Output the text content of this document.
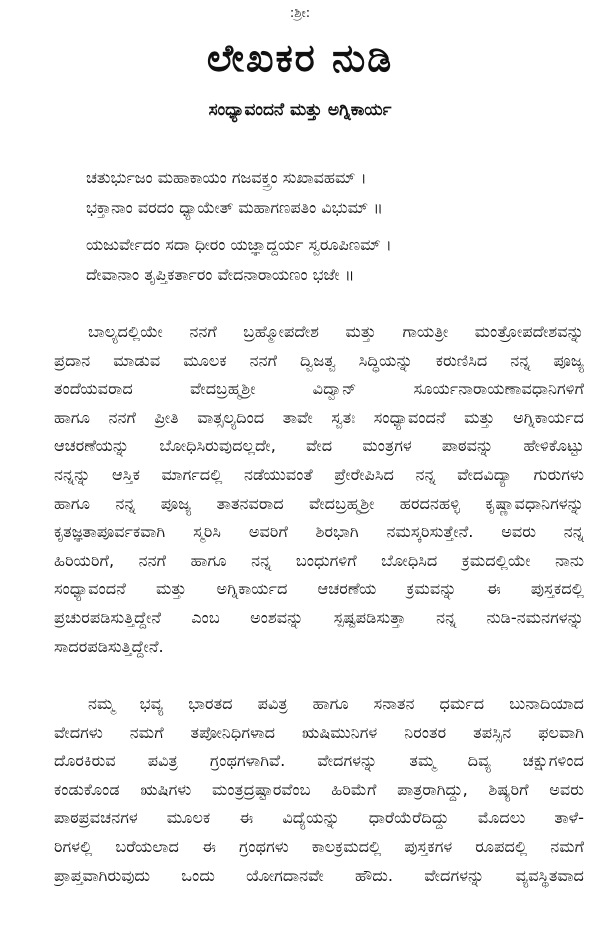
:ಶ್ರೀ:
ಲೇಖಕರ ನುಡಿ
ಸಂಧ್ಯಾವಂದನೆ ಮತ್ತು ಅಗ್ನಿಕಾರ್ಯ
ಚತುರ್ಭುಜಂ ಮಹಾಕಾಯಂ ಗಜವಕ್ತ್ರಂ ಸುಖಾವಹಮ್ ।
ಭಕ್ತಾನಾಂ ವರದಂ ಧ್ಯಾಯೇತ್ ಮಹಾಗಣಪತಿಂ ವಿಭುಮ್ ॥
ಯಜುರ್ವೇದಂ ಸದಾ ಧೀರಂ ಯಜ್ಞಾದ್ದರ್ಯ ಸ್ವರೂಪಿಣಮ್ ।
ದೇವಾನಾಂ ತೃಪ್ತಿಕರ್ತಾರಂ ವೇದನಾರಾಯಣಂ ಭಜೇ ॥
ಬಾಲ್ಯದಲ್ಲಿಯೇ ನನಗೆ ಬ್ರಹ್ಮೋಪದೇಶ ಮತ್ತು ಗಾಯತ್ರೀ ಮಂತ್ರೋಪದೇಶವನ್ನು
ಪ್ರದಾನ ಮಾಡುವ ಮೂಲಕ ನನಗೆ ದ್ವಿಜತ್ವ ಸಿದ್ಧಿಯನ್ನು ಕರುಣಿಸಿದ ನನ್ನ ಪೂಜ್ಯ
ತಂದೆಯವರಾದ ವೇದಬ್ರಹ್ಮಶ್ರೀ ವಿದ್ವಾನ್ ಸೂರ್ಯನಾರಾಯಣಾವಧಾನಿಗಳಿಗೆ
ಹಾಗೂ ನನಗೆ ಪ್ರೀತಿ ವಾತ್ಸಲ್ಯದಿಂದ ತಾವೇ ಸ್ವತಃ ಸಂಧ್ಯಾವಂದನೆ ಮತ್ತು ಅಗ್ನಿಕಾರ್ಯದ
ಆಚರಣೆಯನ್ನು ಬೋಧಿಸಿರುವುದಲ್ಲದೇ, ವೇದ ಮಂತ್ರಗಳ ಪಾಠವನ್ನು ಹೇಳಿಕೊಟ್ಟು
ನನ್ನನ್ನು ಆಸ್ತಿಕ ಮಾರ್ಗದಲ್ಲಿ ನಡೆಯುವಂತೆ ಪ್ರೇರೇಪಿಸಿದ ನನ್ನ ವೇದವಿದ್ಯಾ ಗುರುಗಳು
ಹಾಗೂ ನನ್ನ ಪೂಜ್ಯ ತಾತನವರಾದ ವೇದಬ್ರಹ್ಮಶ್ರೀ ಹರದನಹಳ್ಳಿ ಕೃಷ್ಣಾವಧಾನಿಗಳನ್ನು
ಕೃತಜ್ಞತಾಪೂರ್ವಕವಾಗಿ ಸ್ಮರಿಸಿ ಅವರಿಗೆ ಶಿರಭಾಗಿ ನಮಸ್ಕರಿಸುತ್ತೇನೆ. ಅವರು ನನ್ನ
ಹಿರಿಯರಿಗೆ, ನನಗೆ ಹಾಗೂ ನನ್ನ ಬಂಧುಗಳಿಗೆ ಬೋಧಿಸಿದ ಕ್ರಮದಲ್ಲಿಯೇ ನಾನು
ಸಂಧ್ಯಾವಂದನೆ ಮತ್ತು ಅಗ್ನಿಕಾರ್ಯದ ಆಚರಣೆಯ ಕ್ರಮವನ್ನು ಈ ಪುಸ್ತಕದಲ್ಲಿ
ಪ್ರಚುರಪಡಿಸುತ್ತಿದ್ದೇನೆ ಎಂಬ ಅಂಶವನ್ನು ಸ್ಪಷ್ಟಪಡಿಸುತ್ತಾ ನನ್ನ ನುಡಿ-ನಮನಗಳನ್ನು
ಸಾದರಪಡಿಸುತ್ತಿದ್ದೇನೆ.
ನಮ್ಮ ಭವ್ಯ ಭಾರತದ ಪವಿತ್ರ ಹಾಗೂ ಸನಾತನ ಧರ್ಮದ ಬುನಾದಿಯಾದ
ವೇದಗಳು ನಮಗೆ ತಪೋನಿಧಿಗಳಾದ ಋಷಿಮುನಿಗಳ ನಿರಂತರ ತಪಸ್ಸಿನ ಫಲವಾಗಿ
ದೊರಕಿರುವ ಪವಿತ್ರ ಗ್ರಂಥಗಳಾಗಿವೆ. ವೇದಗಳನ್ನು ತಮ್ಮ ದಿವ್ಯ ಚಕ್ಷುಗಳಿಂದ
ಕಂಡುಕೊಂಡ ಋಷಿಗಳು ಮಂತ್ರದ್ರಷ್ಟಾರವೆಂಬ ಹಿರಿಮೆಗೆ ಪಾತ್ರರಾಗಿದ್ದು, ಶಿಷ್ಯರಿಗೆ ಅವರು
ಪಾಠಪ್ರವಚನಗಳ ಮೂಲಕ ಈ ವಿದ್ಯೆಯನ್ನು ಧಾರೆಯೆರೆದಿದ್ದು ಮೊದಲು ತಾಳೆ-
ರಿಗಳಲ್ಲಿ ಬರೆಯಲಾದ ಈ ಗ್ರಂಥಗಳು ಕಾಲಕ್ರಮದಲ್ಲಿ ಪುಸ್ತಕಗಳ ರೂಪದಲ್ಲಿ ನಮಗೆ
ಪ್ರಾಪ್ತವಾಗಿರುವುದು ಒಂದು ಯೋಗದಾನವೇ ಹೌದು. ವೇದಗಳನ್ನು ವ್ಯವಸ್ಥಿತವಾದ
